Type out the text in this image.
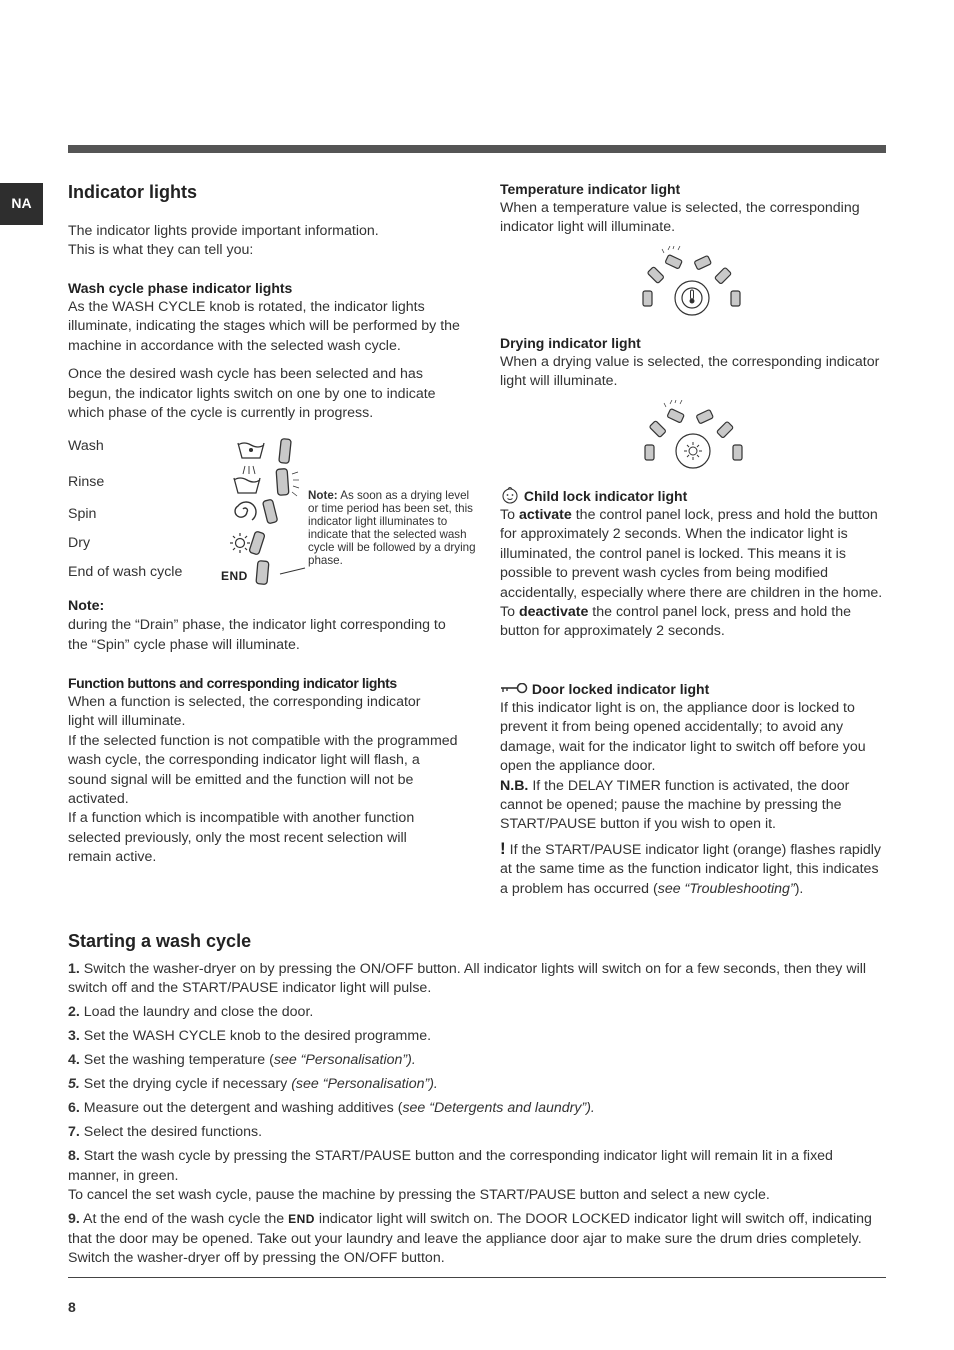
NA
Indicator lights

The indicator lights provide important information.

This is what they can tell you:

Wash cycle phase indicator lights

As the WASH CYCLE knob is rotated, the indicator lights illuminate, indicating the stages which will be performed by the machine in accordance with the selected wash cycle.

Once the desired wash cycle has been selected and has begun, the indicator lights switch on one by one to indicate which phase of the cycle is currently in progress.

Wash
Rinse
Spin
Dry
End of wash cycle	END
Note: As soon as a drying level or time period has been set, this indicator light illuminates to indicate that the selected wash cycle will be followed by a drying phase.

Note:

during the “Drain” phase, the indicator light corresponding to the “Spin” cycle phase will illuminate.

Function buttons and corresponding indicator lights

When a function is selected, the corresponding indicator light will illuminate.

If the selected function is not compatible with the programmed wash cycle, the corresponding indicator light will flash, a sound signal will be emitted and the function will not be activated.

If a function which is incompatible with another function selected previously, only the most recent selection will remain active.

Temperature indicator light

When a temperature value is selected, the corresponding indicator light will illuminate.

Drying indicator light

When a drying value is selected, the corresponding indicator light will illuminate.

Child lock indicator light

To activate the control panel lock, press and hold the button for approximately 2 seconds. When the indicator light is illuminated, the control panel is locked. This means it is possible to prevent wash cycles from being modified accidentally, especially where there are children in the home.

To deactivate the control panel lock, press and hold the button for approximately 2 seconds.

Door locked indicator light

If this indicator light is on, the appliance door is locked to prevent it from being opened accidentally; to avoid any damage, wait for the indicator light to switch off before you open the appliance door.

N.B. If the DELAY TIMER function is activated, the door cannot be opened; pause the machine by pressing the START/PAUSE button if you wish to open it.

! If the START/PAUSE indicator light (orange) flashes rapidly at the same time as the function indicator light, this indicates a problem has occurred (see “Troubleshooting”).

Starting a wash cycle

1. Switch the washer-dryer on by pressing the ON/OFF button. All indicator lights will switch on for a few seconds, then they will switch off and the START/PAUSE indicator light will pulse.

2. Load the laundry and close the door.

3. Set the WASH CYCLE knob to the desired programme.

4. Set the washing temperature (see “Personalisation”).

5. Set the drying cycle if necessary (see “Personalisation”).

6. Measure out the detergent and washing additives (see “Detergents and laundry”).

7. Select the desired functions.

8. Start the wash cycle by pressing the START/PAUSE button and the corresponding indicator light will remain lit in a fixed manner, in green.

To cancel the set wash cycle, pause the machine by pressing the START/PAUSE button and select a new cycle.

9. At the end of the wash cycle the END indicator light will switch on. The DOOR LOCKED indicator light will switch off, indicating that the door may be opened. Take out your laundry and leave the appliance door ajar to make sure the drum dries completely. Switch the washer-dryer off by pressing the ON/OFF button.

8
